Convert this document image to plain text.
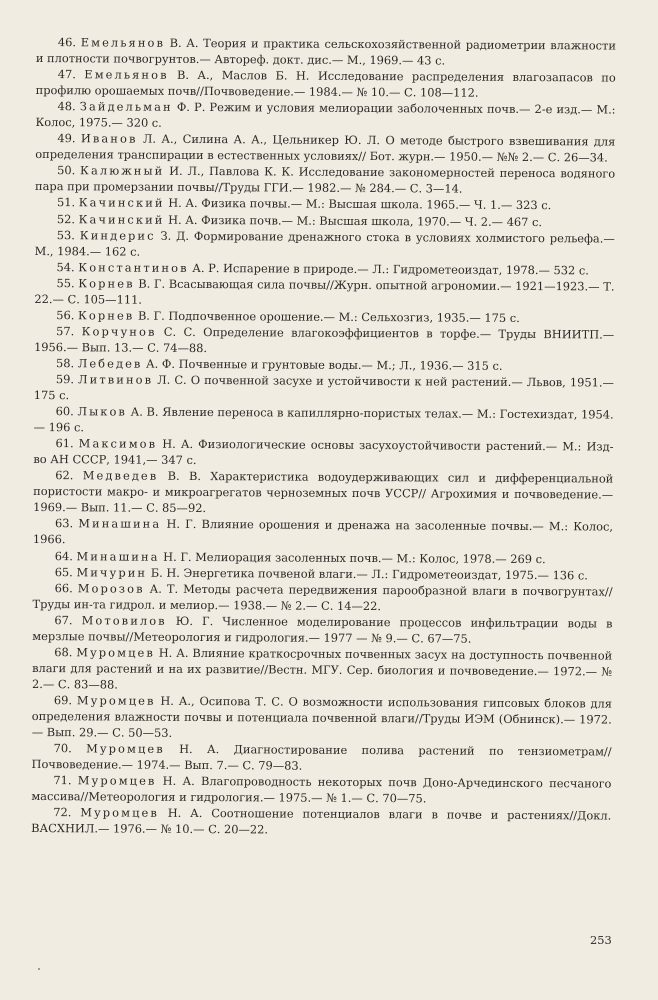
46. Емельянов В. А. Теория и практика сельскохозяйственной радиометрии влажности и плотности почвогрунтов.— Автореф. докт. дис.— М., 1969.— 43 с.

47. Емельянов В. А., Маслов Б. Н. Исследование распределения влагозапасов по профилю орошаемых почв//Почвоведение.— 1984.— № 10.— С. 108—112.

48. Зайдельман Ф. Р. Режим и условия мелиорации заболоченных почв.— 2-е изд.— М.: Колос, 1975.— 320 с.

49. Иванов Л. А., Силина А. А., Цельникер Ю. Л. О методе быстрого взвешивания для определения транспирации в естественных условиях// Бот. журн.— 1950.— №№ 2.— С. 26—34.

50. Калюжный И. Л., Павлова К. К. Исследование закономерностей переноса водяного пара при промерзании почвы//Труды ГГИ.— 1982.— № 284.— С. 3—14.

51. Качинский Н. А. Физика почвы.— М.: Высшая школа. 1965.— Ч. 1.— 323 с.

52. Качинский Н. А. Физика почв.— М.: Высшая школа, 1970.— Ч. 2.— 467 с.

53. Киндерис З. Д. Формирование дренажного стока в условиях холмистого рельефа.— М., 1984.— 162 с.

54. Константинов А. Р. Испарение в природе.— Л.: Гидрометеоиздат, 1978.— 532 с.

55. Корнев В. Г. Всасывающая сила почвы//Журн. опытной агрономии.— 1921—1923.— Т. 22.— С. 105—111.

56. Корнев В. Г. Подпочвенное орошение.— М.: Сельхозгиз, 1935.— 175 с.

57. Корчунов С. С. Определение влагокоэффициентов в торфе.— Труды ВНИИТП.— 1956.— Вып. 13.— С. 74—88.

58. Лебедев А. Ф. Почвенные и грунтовые воды.— М.; Л., 1936.— 315 с.

59. Литвинов Л. С. О почвенной засухе и устойчивости к ней растений.— Львов, 1951.— 175 с.

60. Лыков А. В. Явление переноса в капиллярно-пористых телах.— М.: Гостехиздат, 1954.— 196 с.

61. Максимов Н. А. Физиологические основы засухоустойчивости растений.— М.: Изд-во АН СССР, 1941,— 347 с.

62. Медведев В. В. Характеристика водоудерживающих сил и дифференциальной пористости макро- и микроагрегатов черноземных почв УССР// Агрохимия и почвоведение.— 1969.— Вып. 11.— С. 85—92.

63. Минашина Н. Г. Влияние орошения и дренажа на засоленные почвы.— М.: Колос, 1966.

64. Минашина Н. Г. Мелиорация засоленных почв.— М.: Колос, 1978.— 269 с.

65. Мичурин Б. Н. Энергетика почвеной влаги.— Л.: Гидрометеоиздат, 1975.— 136 с.

66. Морозов А. Т. Методы расчета передвижения парообразной влаги в почвогрунтах//Труды ин-та гидрол. и мелиор.— 1938.— № 2.— С. 14—22.

67. Мотовилов Ю. Г. Численное моделирование процессов инфильтрации воды в мерзлые почвы//Метеорология и гидрология.— 1977 — № 9.— С. 67—75.

68. Муромцев Н. А. Влияние краткосрочных почвенных засух на доступность почвенной влаги для растений и на их развитие//Вестн. МГУ. Сер. биология и почвоведение.— 1972.— № 2.— С. 83—88.

69. Муромцев Н. А., Осипова Т. С. О возможности использования гипсовых блоков для определения влажности почвы и потенциала почвенной влаги//Труды ИЭМ (Обнинск).— 1972.— Вып. 29.— С. 50—53.

70. Муромцев Н. А. Диагностирование полива растений по тензиометрам//Почвоведение.— 1974.— Вып. 7.— С. 79—83.

71. Муромцев Н. А. Влагопроводность некоторых почв Доно-Арчединского песчаного массива//Метеорология и гидрология.— 1975.— № 1.— С. 70—75.

72. Муромцев Н. А. Соотношение потенциалов влаги в почве и растениях//Докл. ВАСХНИЛ.— 1976.— № 10.— С. 20—22.

253
